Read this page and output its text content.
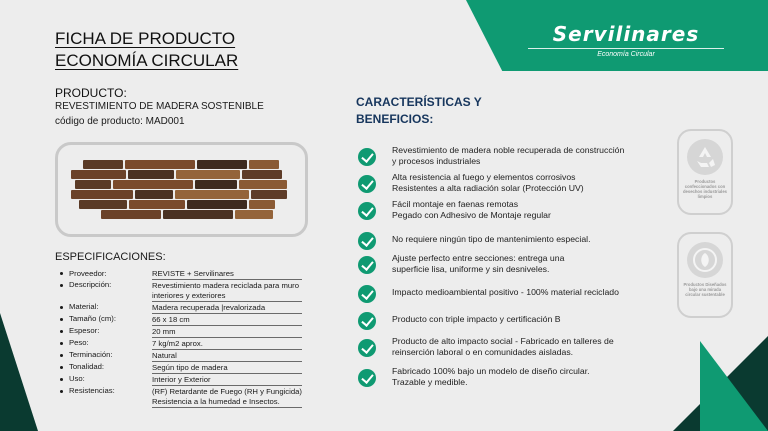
Servilinares
Economía Circular
FICHA DE PRODUCTO
ECONOMÍA CIRCULAR
PRODUCTO:
REVESTIMIENTO DE MADERA SOSTENIBLE
código de producto: MAD001
ESPECIFICACIONES:
Proveedor:	REVISTE + Servilinares
Descripción:	Revestimiento madera reciclada para muro interiores y exteriores
Material:	Madera recuperada |revalorizada
Tamaño (cm):	66 x 18 cm
Espesor:	20 mm
Peso:	7 kg/m2 aprox.
Terminación:	Natural
Tonalidad:	Según tipo de madera
Uso:	Interior y Exterior
Resistencias:	(RF) Retardante de Fuego (RH y Fungicida) Resistencia a la humedad e Insectos.
CARACTERÍSTICAS Y BENEFICIOS:
Revestimiento de madera noble recuperada de construcción
y procesos industriales
Alta resistencia al fuego y elementos corrosivos
Resistentes a alta radiación solar (Protección UV)
Fácil montaje en faenas remotas
Pegado con Adhesivo de Montaje regular
No requiere ningún tipo de mantenimiento especial.
Ajuste perfecto entre secciones: entrega una
superficie lisa, uniforme y sin desniveles.
Impacto medioambiental positivo - 100% material reciclado
Producto con triple impacto y certificación B
Producto de alto impacto social - Fabricado en talleres de
reinserción laboral o en comunidades aisladas.
Fabricado 100% bajo un modelo de diseño circular.
Trazable y medible.
Productos confeccionados con desechos industriales limpios
Productos Diseñados bajo una mirada circular sustentable
